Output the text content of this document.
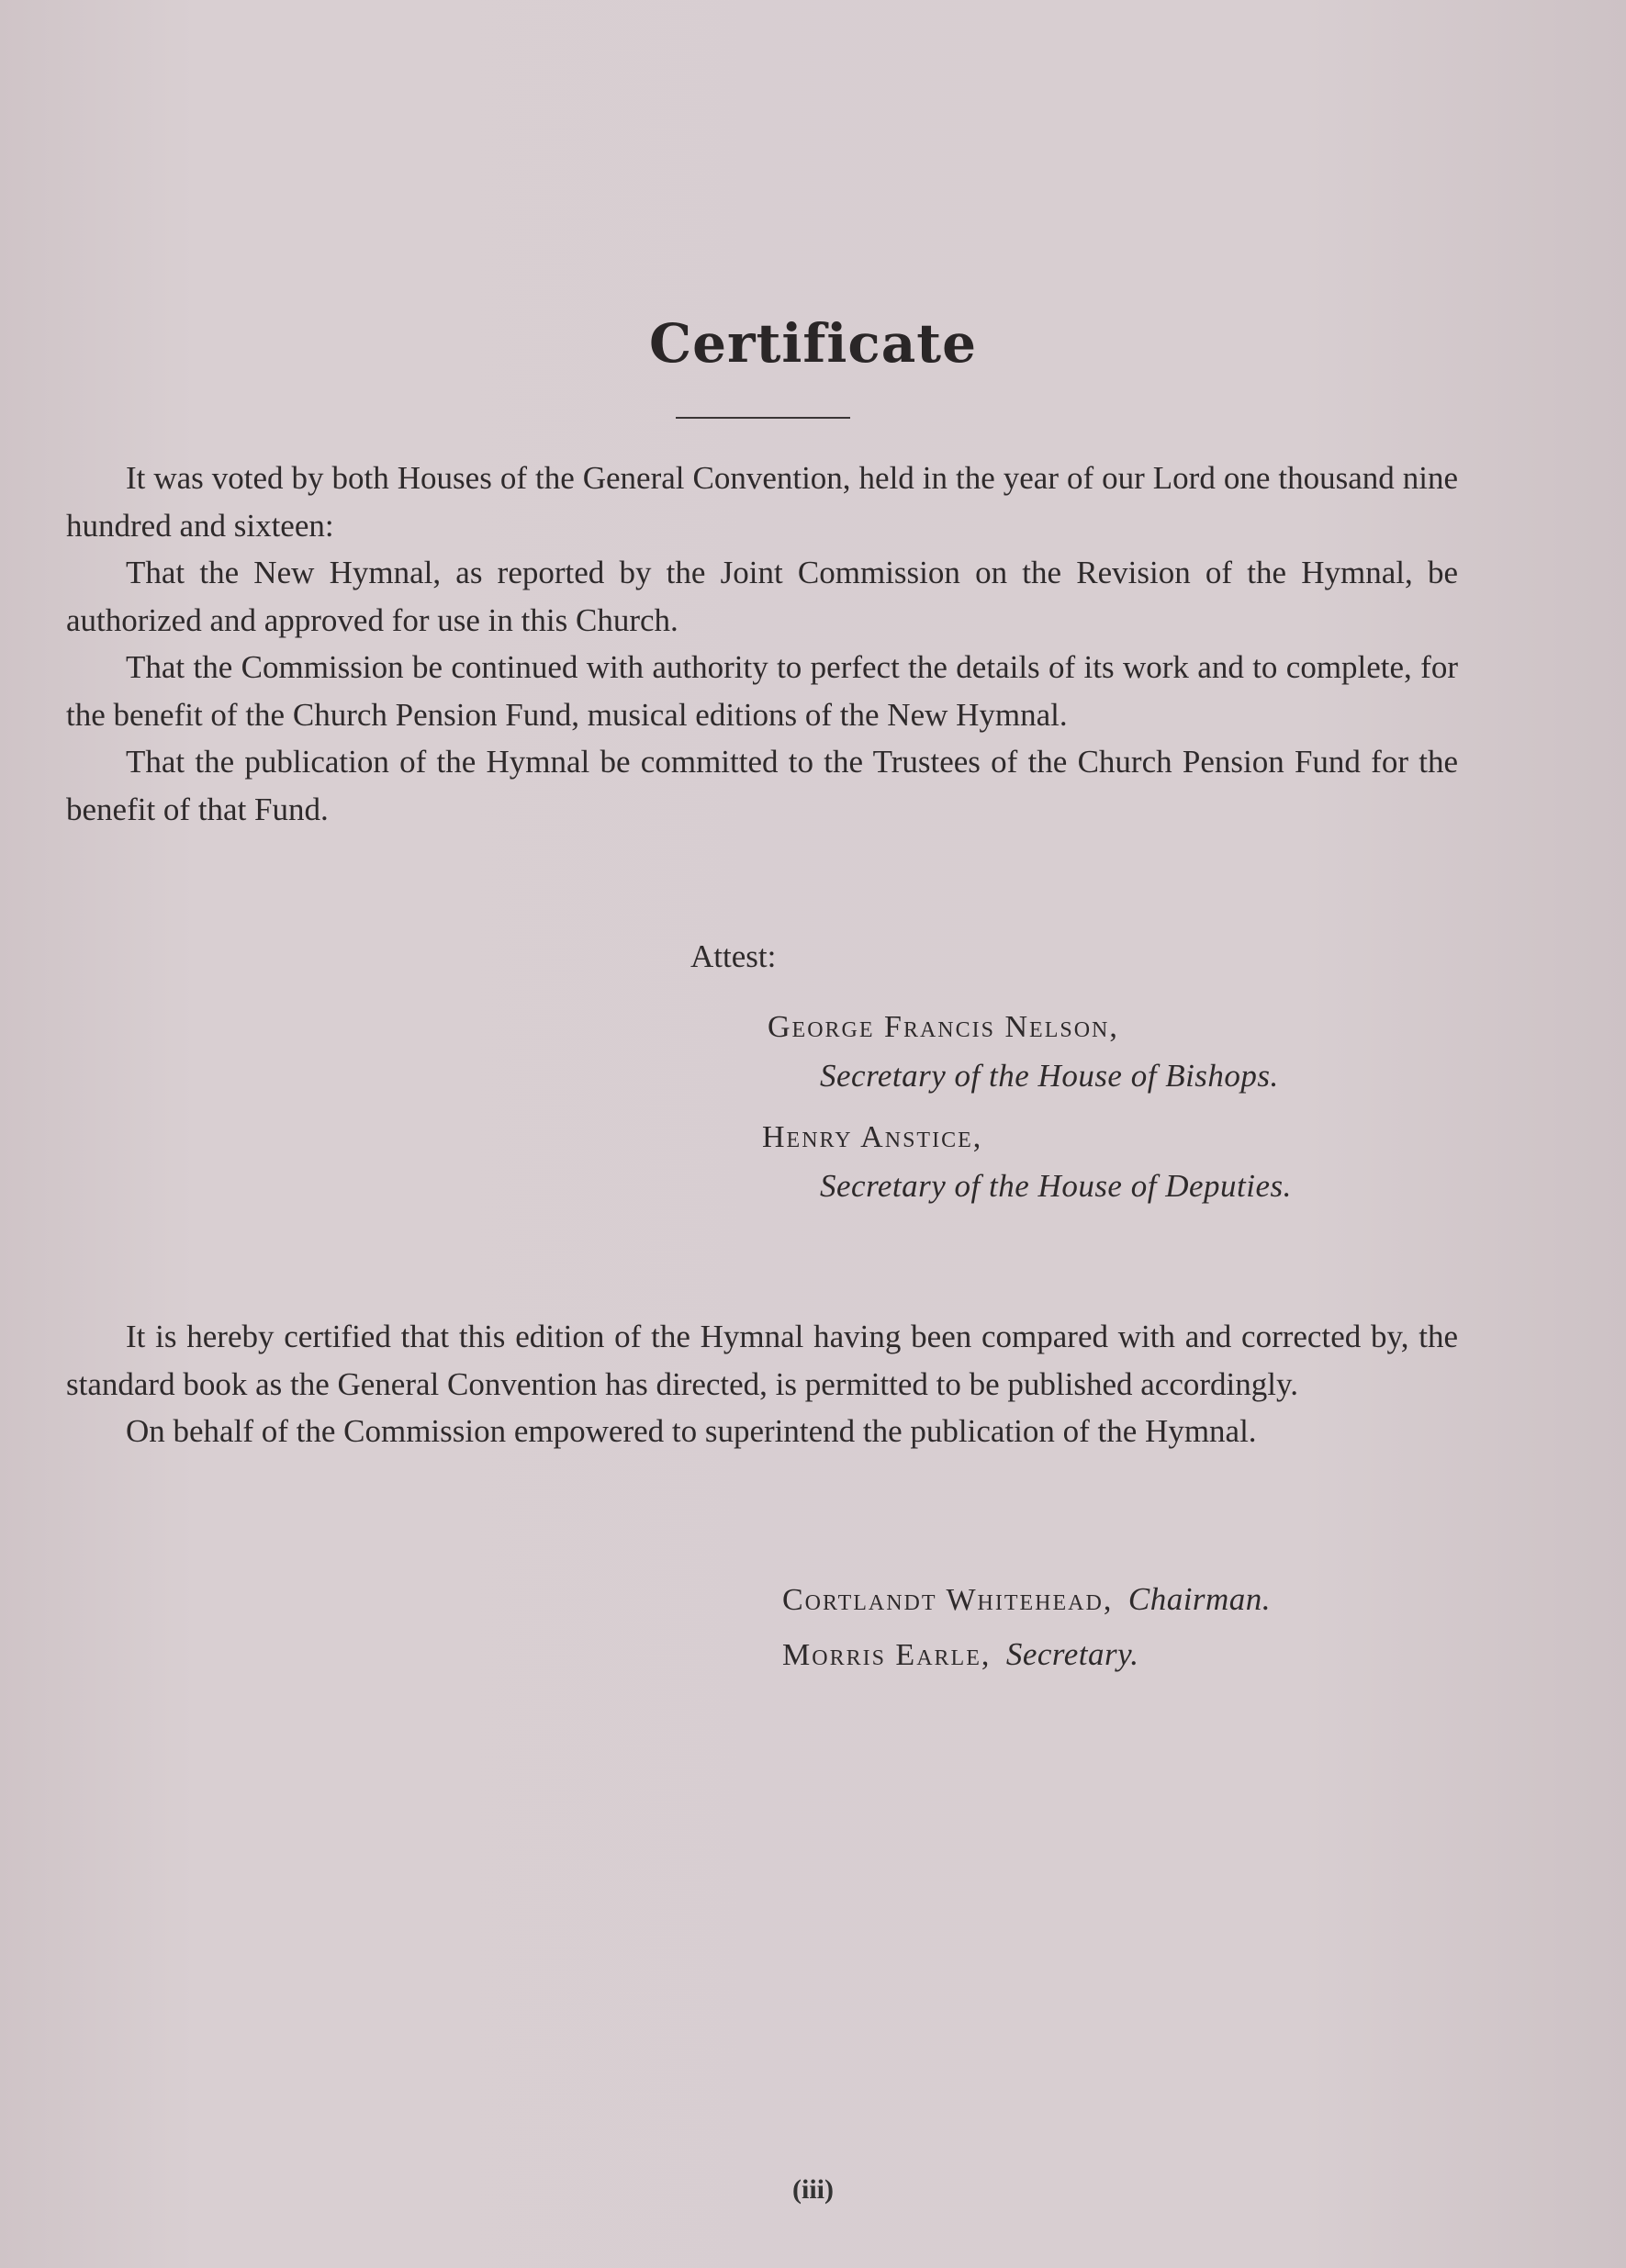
Certificate

It was voted by both Houses of the General Convention, held in the year of our Lord one thousand nine hundred and sixteen:

That the New Hymnal, as reported by the Joint Commission on the Revision of the Hymnal, be authorized and approved for use in this Church.

That the Commission be continued with authority to perfect the details of its work and to complete, for the benefit of the Church Pension Fund, musical editions of the New Hymnal.

That the publication of the Hymnal be committed to the Trustees of the Church Pension Fund for the benefit of that Fund.

Attest:
George Francis Nelson,
Secretary of the House of Bishops.
Henry Anstice,
Secretary of the House of Deputies.

It is hereby certified that this edition of the Hymnal having been compared with and corrected by, the standard book as the General Convention has directed, is permitted to be published accordingly.

On behalf of the Commission empowered to superintend the publication of the Hymnal.

Cortlandt Whitehead, Chairman.
Morris Earle, Secretary.
(iii)
